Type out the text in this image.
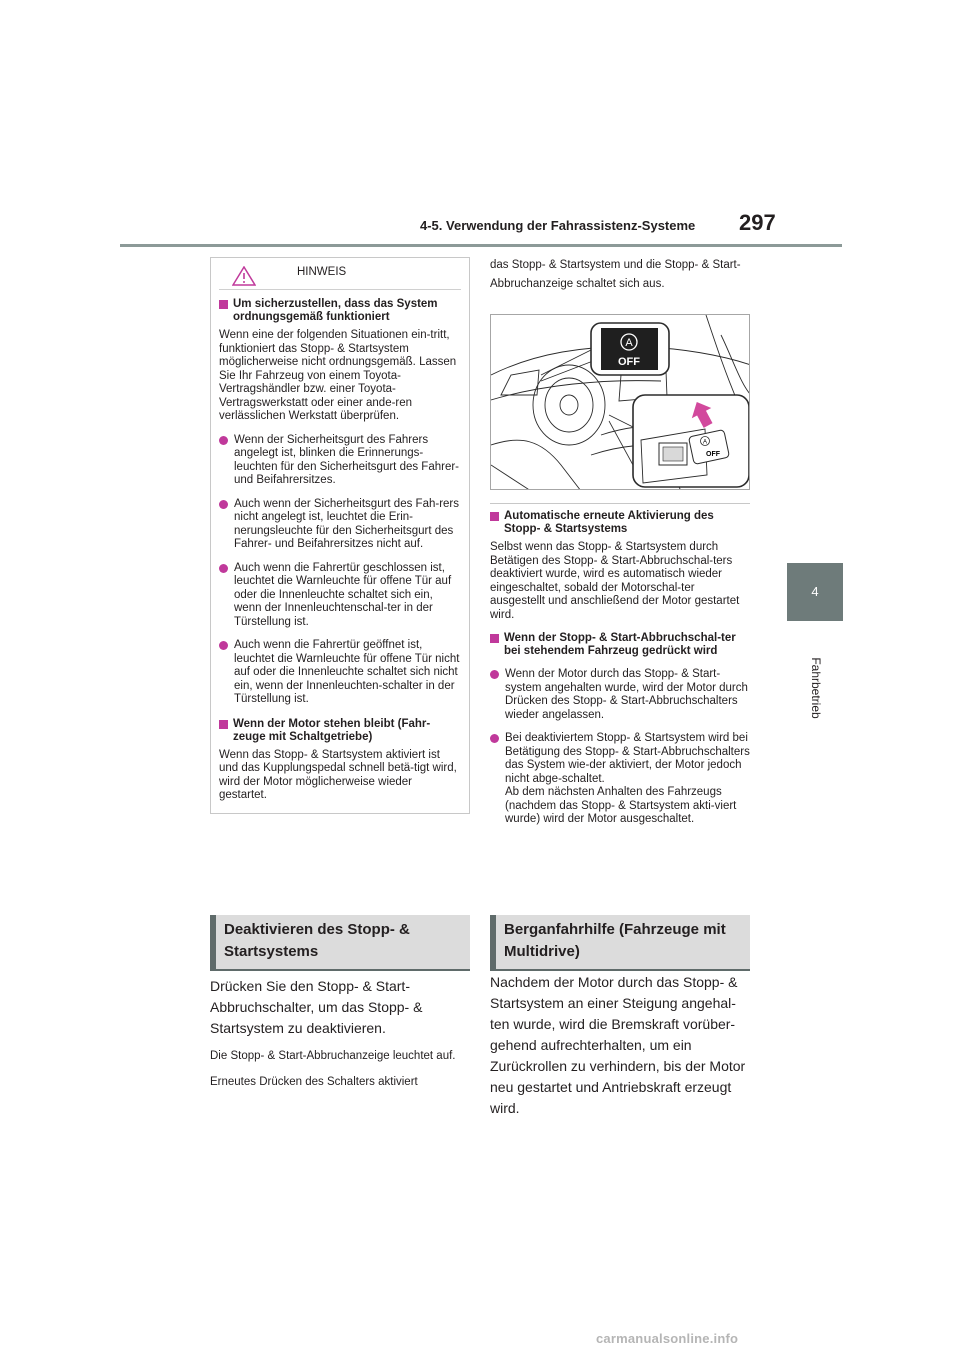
4-5. Verwendung der Fahrassistenz-Systeme 297
4
Fahrbetrieb
HINWEIS
Um sicherzustellen, dass das System ordnungsgemäß funktioniert
Wenn eine der folgenden Situationen ein-tritt, funktioniert das Stopp- & Startsystem möglicherweise nicht ordnungsgemäß. Lassen Sie Ihr Fahrzeug von einem Toyota-Vertragshändler bzw. einer Toyota-Vertragswerkstatt oder einer ande-ren verlässlichen Werkstatt überprüfen.
Wenn der Sicherheitsgurt des Fahrers angelegt ist, blinken die Erinnerungs-leuchten für den Sicherheitsgurt des Fahrer- und Beifahrersitzes.
Auch wenn der Sicherheitsgurt des Fah-rers nicht angelegt ist, leuchtet die Erin-nerungsleuchte für den Sicherheitsgurt des Fahrer- und Beifahrersitzes nicht auf.
Auch wenn die Fahrertür geschlossen ist, leuchtet die Warnleuchte für offene Tür auf oder die Innenleuchte schaltet sich ein, wenn der Innenleuchtenschal-ter in der Türstellung ist.
Auch wenn die Fahrertür geöffnet ist, leuchtet die Warnleuchte für offene Tür nicht auf oder die Innenleuchte schaltet sich nicht ein, wenn der Innenleuchten-schalter in der Türstellung ist.
Wenn der Motor stehen bleibt (Fahr-zeuge mit Schaltgetriebe)
Wenn das Stopp- & Startsystem aktiviert ist und das Kupplungspedal schnell betä-tigt wird, wird der Motor möglicherweise wieder gestartet.
Deaktivieren des Stopp- & Startsystems
Drücken Sie den Stopp- & Start-Abbruchschalter, um das Stopp- & Startsystem zu deaktivieren.
Die Stopp- & Start-Abbruchanzeige leuchtet auf.
Erneutes Drücken des Schalters aktiviert
das Stopp- & Startsystem und die Stopp- & Start-Abbruchanzeige schaltet sich aus.
A
OFF
A
OFF
Automatische erneute Aktivierung des Stopp- & Startsystems
Selbst wenn das Stopp- & Startsystem durch Betätigen des Stopp- & Start-Abbruchschal-ters deaktiviert wurde, wird es automatisch wieder eingeschaltet, sobald der Motorschal-ter ausgestellt und anschließend der Motor gestartet wird.
Wenn der Stopp- & Start-Abbruchschal-ter bei stehendem Fahrzeug gedrückt wird
Wenn der Motor durch das Stopp- & Start-system angehalten wurde, wird der Motor durch Drücken des Stopp- & Start-Abbruchschalters wieder angelassen.
Bei deaktiviertem Stopp- & Startsystem wird bei Betätigung des Stopp- & Start-Abbruchschalters das System wie-der aktiviert, der Motor jedoch nicht abge-schaltet.
Ab dem nächsten Anhalten des Fahrzeugs (nachdem das Stopp- & Startsystem akti-viert wurde) wird der Motor ausgeschaltet.
Berganfahrhilfe (Fahrzeuge mit Multidrive)
Nachdem der Motor durch das Stopp- & Startsystem an einer Steigung angehal-ten wurde, wird die Bremskraft vorüber-gehend aufrechterhalten, um ein Zurückrollen zu verhindern, bis der Motor neu gestartet und Antriebskraft erzeugt wird.
carmanualsonline.info
